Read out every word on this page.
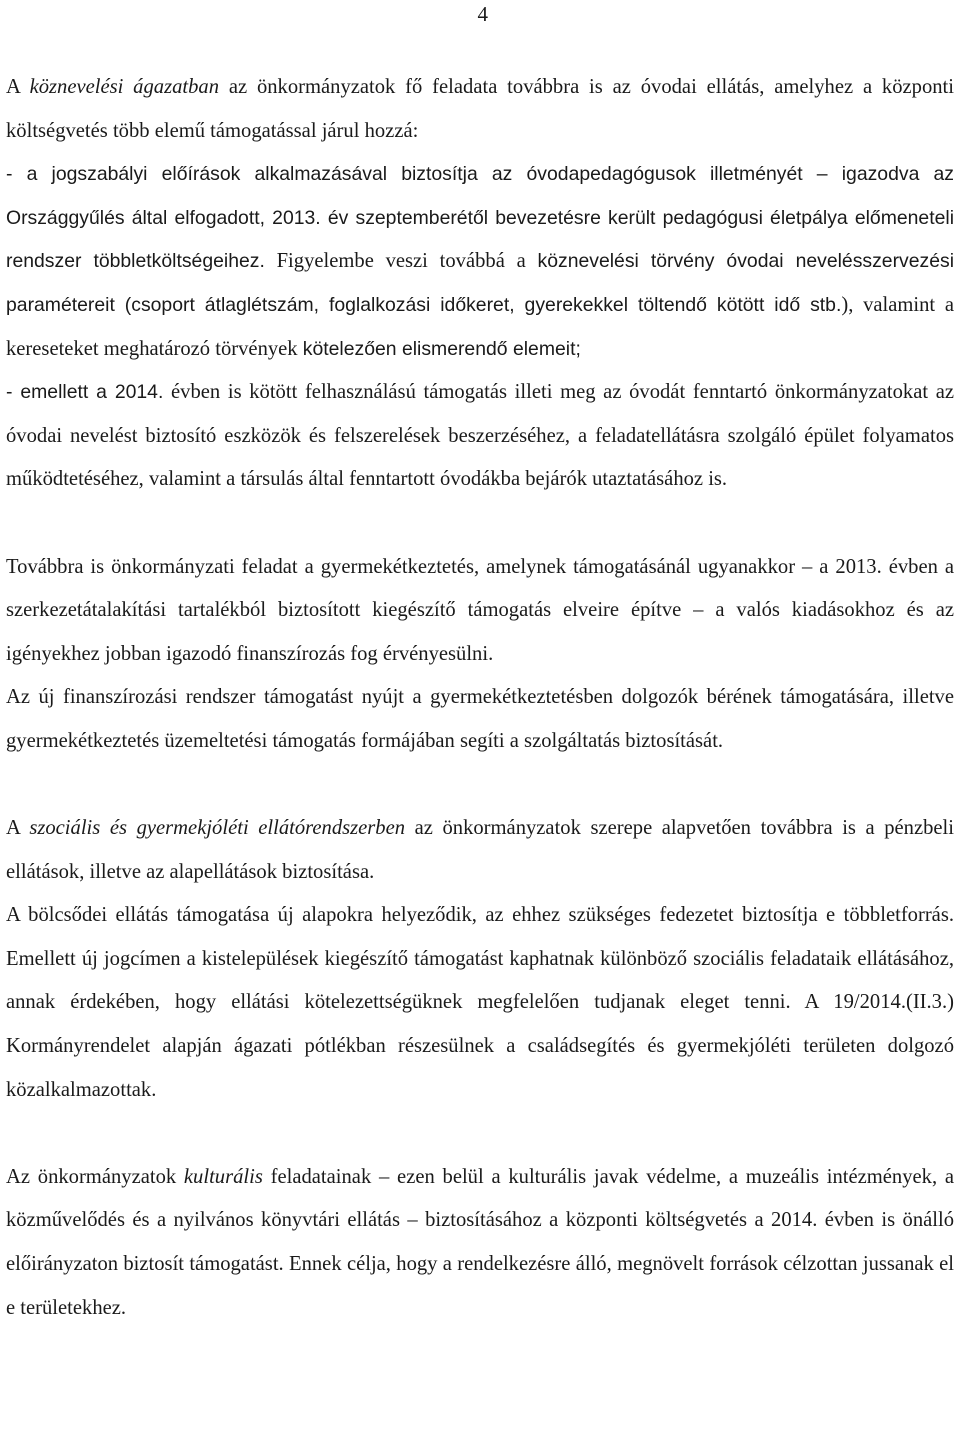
4

A köznevelési ágazatban az önkormányzatok fő feladata továbbra is az óvodai ellátás, amelyhez a központi költségvetés több elemű támogatással járul hozzá:

- a jogszabályi előírások alkalmazásával biztosítja az óvodapedagógusok illetményét – igazodva az Országgyűlés által elfogadott, 2013. év szeptemberétől bevezetésre került pedagógusi életpálya előmeneteli rendszer többletköltségeihez. Figyelembe veszi továbbá a köznevelési törvény óvodai nevelésszervezési paramétereit (csoport átlaglétszám, foglalkozási időkeret, gyerekekkel töltendő kötött idő stb.), valamint a kereseteket meghatározó törvények kötelezően elismerendő elemeit;

- emellett a 2014. évben is kötött felhasználású támogatás illeti meg az óvodát fenntartó önkormányzatokat az óvodai nevelést biztosító eszközök és felszerelések beszerzéséhez, a feladatellátásra szolgáló épület folyamatos működtetéséhez, valamint a társulás által fenntartott óvodákba bejárók utaztatásához is.

Továbbra is önkormányzati feladat a gyermekétkeztetés, amelynek támogatásánál ugyanakkor – a 2013. évben a szerkezetátalakítási tartalékból biztosított kiegészítő támogatás elveire építve – a valós kiadásokhoz és az igényekhez jobban igazodó finanszírozás fog érvényesülni.

Az új finanszírozási rendszer támogatást nyújt a gyermekétkeztetésben dolgozók bérének támogatására, illetve gyermekétkeztetés üzemeltetési támogatás formájában segíti a szolgáltatás biztosítását.

A szociális és gyermekjóléti ellátórendszerben az önkormányzatok szerepe alapvetően továbbra is a pénzbeli ellátások, illetve az alapellátások biztosítása.

A bölcsődei ellátás támogatása új alapokra helyeződik, az ehhez szükséges fedezetet biztosítja e többletforrás. Emellett új jogcímen a kistelepülések kiegészítő támogatást kaphatnak különböző szociális feladataik ellátásához, annak érdekében, hogy ellátási kötelezettségüknek megfelelően tudjanak eleget tenni. A 19/2014.(II.3.) Kormányrendelet alapján ágazati pótlékban részesülnek a családsegítés és gyermekjóléti területen dolgozó közalkalmazottak.

Az önkormányzatok kulturális feladatainak – ezen belül a kulturális javak védelme, a muzeális intézmények, a közművelődés és a nyilvános könyvtári ellátás – biztosításához a központi költségvetés a 2014. évben is önálló előirányzaton biztosít támogatást. Ennek célja, hogy a rendelkezésre álló, megnövelt források célzottan jussanak el e területekhez.
